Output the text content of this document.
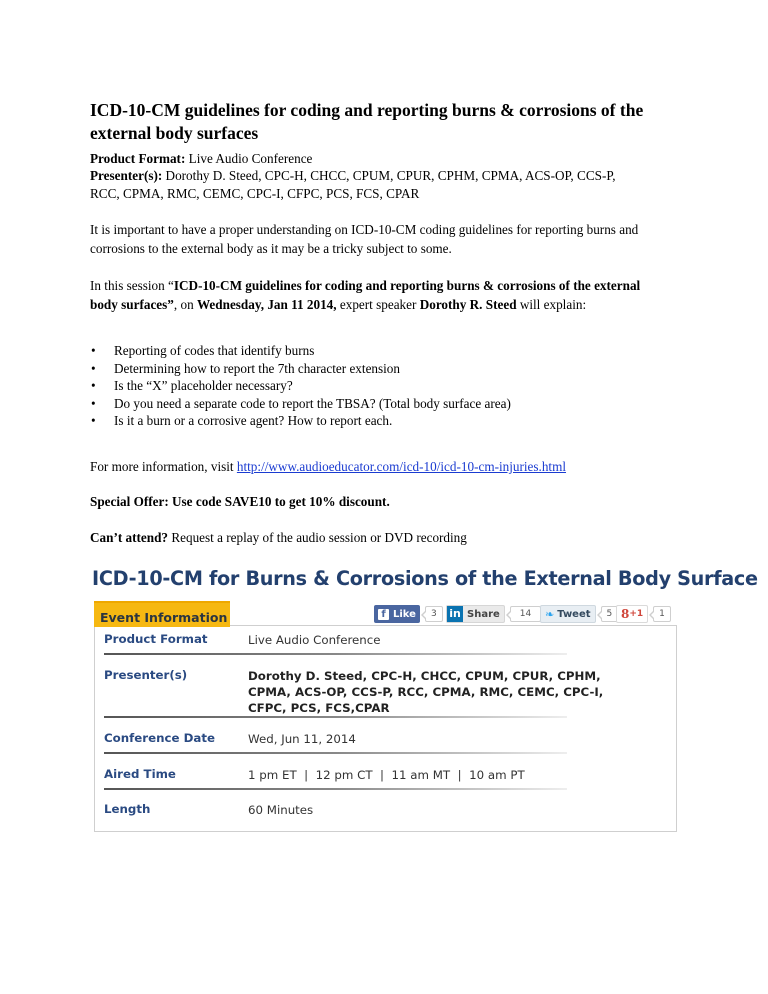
ICD-10-CM guidelines for coding and reporting burns & corrosions of the external body surfaces

Product Format: Live Audio Conference

Presenter(s): Dorothy D. Steed, CPC-H, CHCC, CPUM, CPUR, CPHM, CPMA, ACS-OP, CCS-P,

RCC, CPMA, RMC, CEMC, CPC-I, CFPC, PCS, FCS, CPAR

It is important to have a proper understanding on ICD-10-CM coding guidelines for reporting burns and

corrosions to the external body as it may be a tricky subject to some.

In this session “ICD-10-CM guidelines for coding and reporting burns & corrosions of the external

body surfaces”, on Wednesday, Jan 11 2014, expert speaker Dorothy R. Steed will explain:

• Reporting of codes that identify burns
• Determining how to report the 7th character extension
• Is the “X” placeholder necessary?
• Do you need a separate code to report the TBSA? (Total body surface area)
• Is it a burn or a corrosive agent? How to report each.

For more information, visit http://www.audioeducator.com/icd-10/icd-10-cm-injuries.html

Special Offer: Use code SAVE10 to get 10% discount.

Can’t attend? Request a replay of the audio session or DVD recording

ICD-10-CM for Burns & Corrosions of the External Body Surface
Event Information	f Like	3	in Share	14	❧ Tweet	5 8 +1	1
Product Format	Live Audio Conference
Presenter(s)	Dorothy D. Steed, CPC-H, CHCC, CPUM, CPUR, CPHM,
CPMA, ACS-OP, CCS-P, RCC, CPMA, RMC, CEMC, CPC-I,
CFPC, PCS, FCS,CPAR
Conference Date	Wed, Jun 11, 2014
Aired Time	1 pm ET  |  12 pm CT  |  11 am MT  |  10 am PT
Length	60 Minutes
